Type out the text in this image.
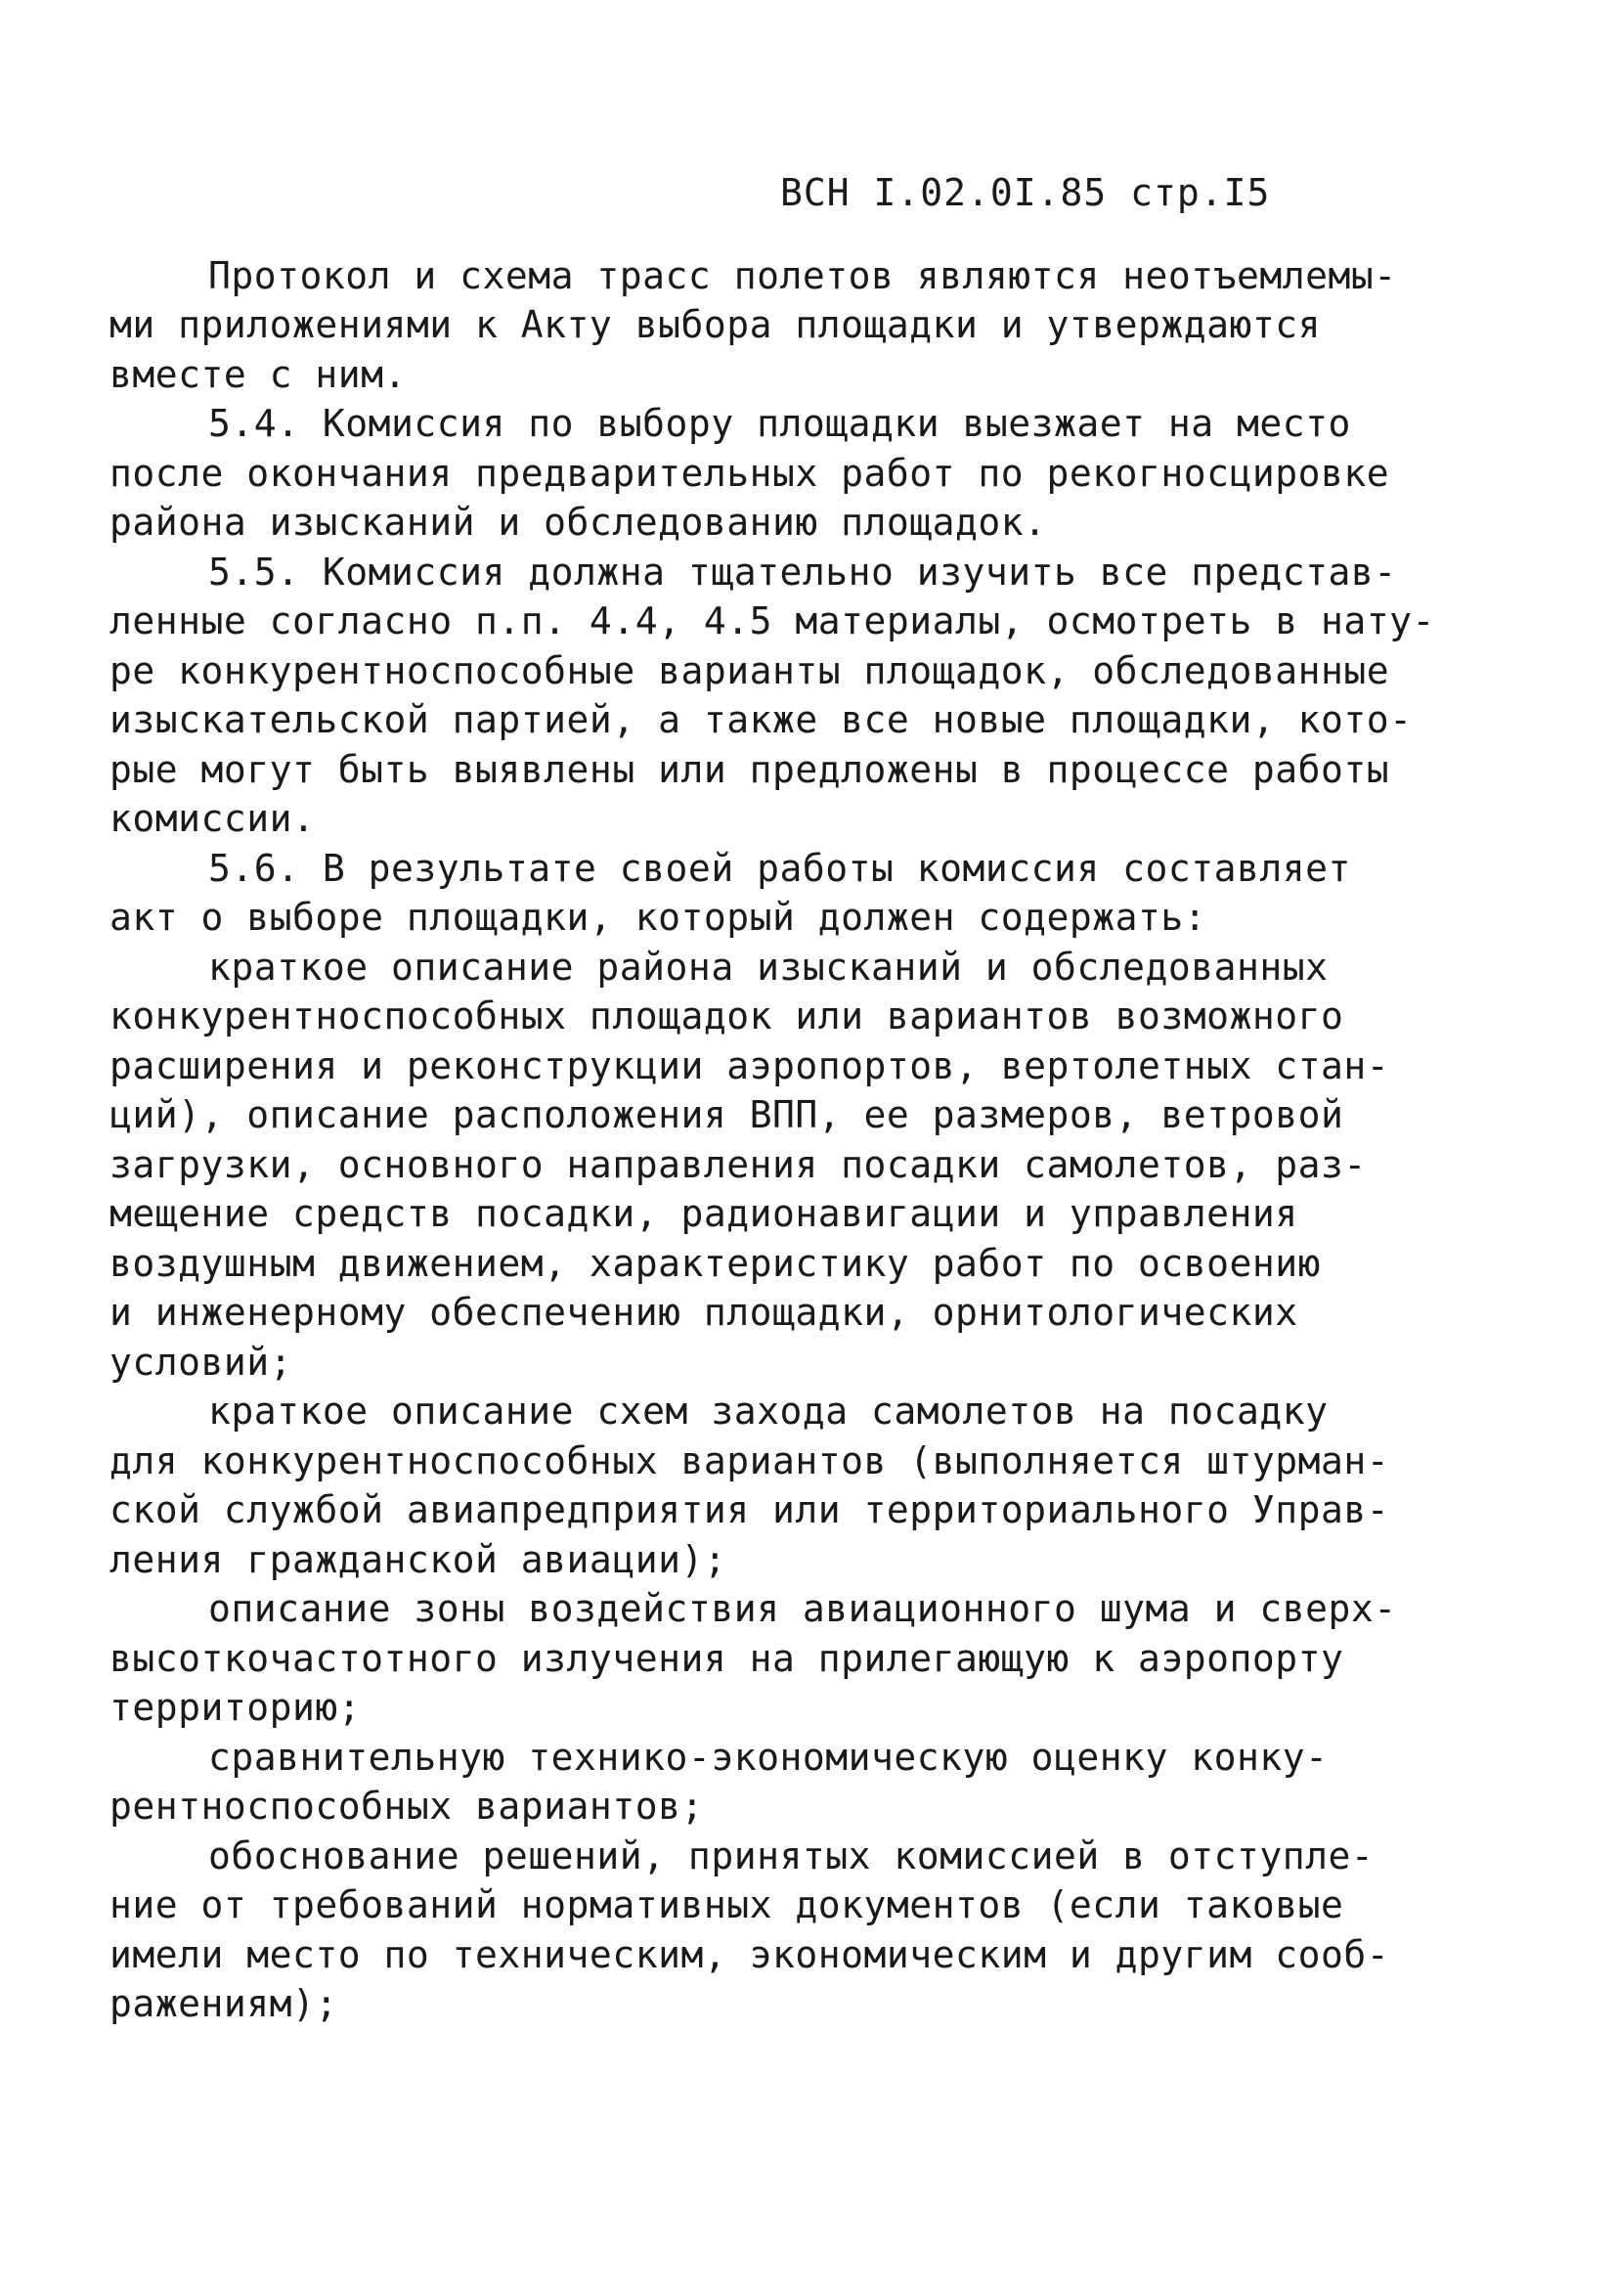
ВСН I.02.0I.85 стр.I5
Протокол и схема трасс полетов являются неотъемлемы-
ми приложениями к Акту выбора площадки и утверждаются
вместе с ним.
5.4. Комиссия по выбору площадки выезжает на место
после окончания предварительных работ по рекогносцировке
района изысканий и обследованию площадок.
5.5. Комиссия должна тщательно изучить все представ-
ленные согласно п.п. 4.4, 4.5 материалы, осмотреть в нату-
ре конкурентноспособные варианты площадок, обследованные
изыскательской партией, а также все новые площадки, кото-
рые могут быть выявлены или предложены в процессе работы
комиссии.
5.6. В результате своей работы комиссия составляет
акт о выборе площадки, который должен содержать:
краткое описание района изысканий и обследованных
конкурентноспособных площадок или вариантов возможного
расширения и реконструкции аэропортов, вертолетных стан-
ций), описание расположения ВПП, ее размеров, ветровой
загрузки, основного направления посадки самолетов, раз-
мещение средств посадки, радионавигации и управления
воздушным движением, характеристику работ по освоению
и инженерному обеспечению площадки, орнитологических
условий;
краткое описание схем захода самолетов на посадку
для конкурентноспособных вариантов (выполняется штурман-
ской службой авиапредприятия или территориального Управ-
ления гражданской авиации);
описание зоны воздействия авиационного шума и сверх-
высоткочастотного излучения на прилегающую к аэропорту
территорию;
сравнительную технико-экономическую оценку конку-
рентноспособных вариантов;
обоснование решений, принятых комиссией в отступле-
ние от требований нормативных документов (если таковые
имели место по техническим, экономическим и другим сооб-
ражениям);
